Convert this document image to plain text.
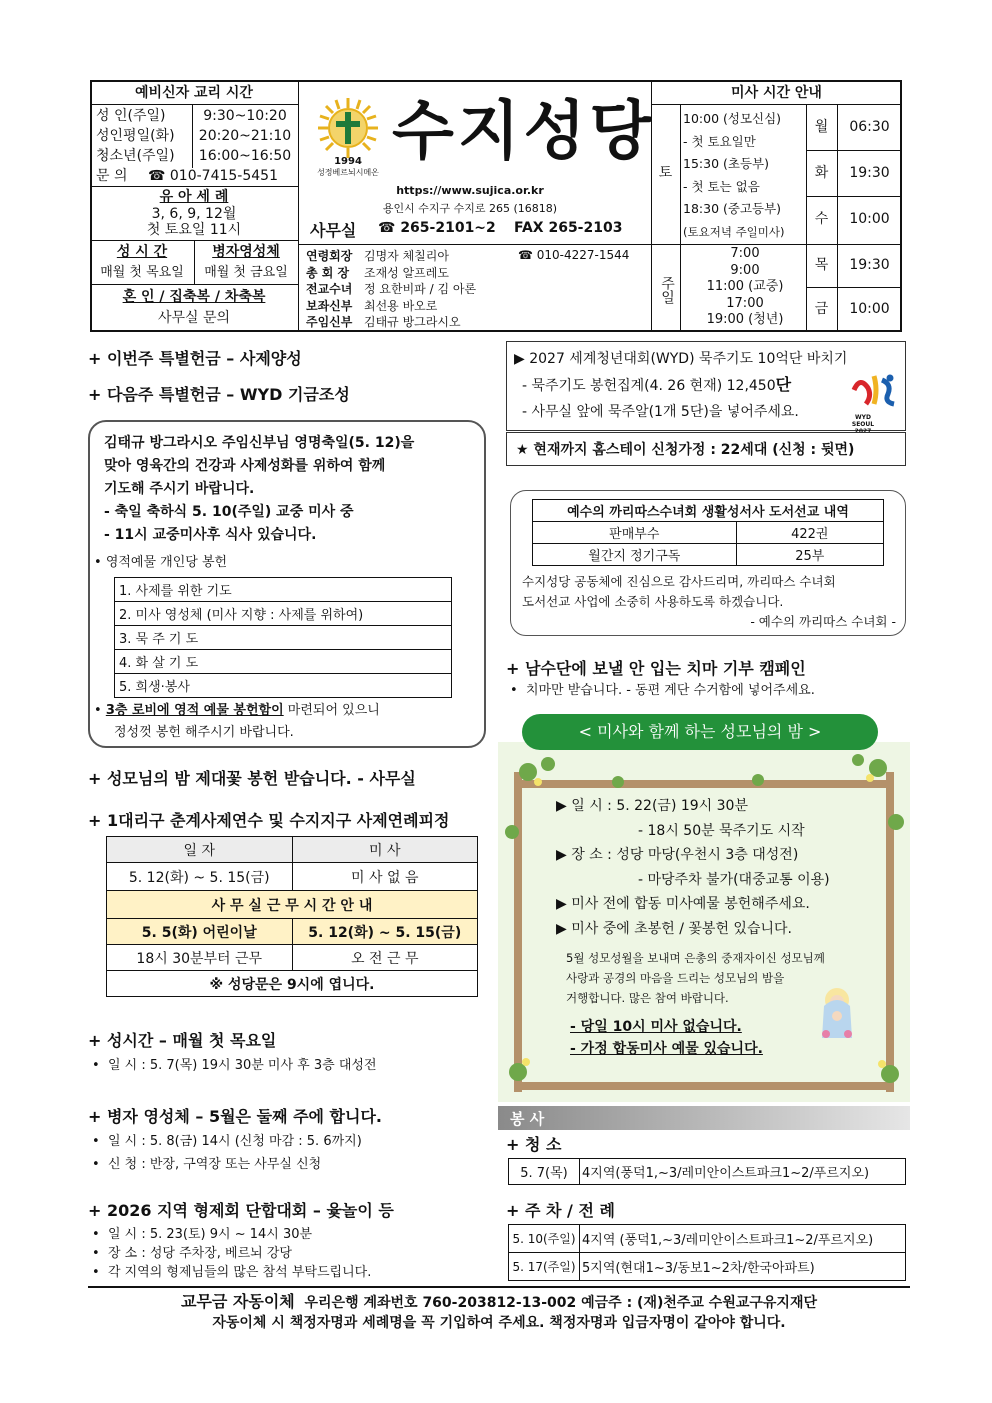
예비신자 교리 시간
성 인(주일)	9:30~10:20
성인평일(화)	20:20~21:10
청소년(주일)	16:00~16:50
문 의	☎ 010-7415-5451
유 아 세 례
3, 6, 9, 12월
첫 토요일 11시
성 시 간
매월 첫 목요일
병자영성체
매월 첫 금요일
혼 인 / 집축복 / 차축복
사무실 문의
1994
성정베르뇌시메온
수지성당
https://www.sujica.or.kr
용인시 수지구 수지로 265 (16818)
사무실 ☎ 265-2101~2 FAX 265-2103
연령회장 김명자 체칠리아
총 회 장 조재성 알프레도
전교수녀 정 요한비파 / 김 아론
보좌신부 최선용 바오로
주임신부 김태규 방그라시오
☎ 010-4227-1544
미사 시간 안내
토
10:00 (성모신심)
- 첫 토요일만
15:30 (초등부)
- 첫 토는 없음
18:30 (중고등부)
(토요저녁 주일미사)
주일
7:00
9:00
11:00 (교중)
17:00
19:00 (청년)
월	06:30
화	19:30
수	10:00
목	19:30
금	10:00
+ 이번주 특별헌금 – 사제양성
+ 다음주 특별헌금 – WYD 기금조성
김태규 방그라시오 주임신부님 영명축일(5. 12)을
맞아 영육간의 건강과 사제성화를 위하여 함께
기도해 주시기 바랍니다.
- 축일 축하식 5. 10(주일) 교중 미사 중
- 11시 교중미사후 식사 있습니다.
• 영적예물 개인당 봉헌
1. 사제를 위한 기도
2. 미사 영성체 (미사 지향 : 사제를 위하여)
3. 묵 주 기 도
4. 화 살 기 도
5. 희생·봉사
• 3층 로비에 영적 예물 봉헌함이 마련되어 있으니
정성껏 봉헌 해주시기 바랍니다.
+ 성모님의 밤 제대꽃 봉헌 받습니다. - 사무실
+ 1대리구 춘계사제연수 및 수지지구 사제연례피정
일 자	미 사
5. 12(화) ~ 5. 15(금)	미 사 없 음
사 무 실 근 무 시 간 안 내	
5. 5(화) 어린이날	5. 12(화) ~ 5. 15(금)
18시 30분부터 근무	오 전 근 무
※ 성당문은 9시에 엽니다.	
+ 성시간 – 매월 첫 목요일
•  일 시 : 5. 7(목) 19시 30분 미사 후 3층 대성전
+ 병자 영성체 – 5월은 둘째 주에 합니다.
•  일 시 : 5. 8(금) 14시 (신청 마감 : 5. 6까지)
•  신 청 : 반장, 구역장 또는 사무실 신청
+ 2026 지역 형제회 단합대회 – 윷놀이 등
•  일 시 : 5. 23(토) 9시 ~ 14시 30분
•  장 소 : 성당 주차장, 베르뇌 강당
•  각 지역의 형제님들의 많은 참석 부탁드립니다.
▶ 2027 세계청년대회(WYD) 묵주기도 10억단 바치기
- 묵주기도 봉헌집계(4. 26 현재) 12,450단
- 사무실 앞에 묵주알(1개 5단)을 넣어주세요.	WYD SEOUL 2027
★ 현재까지 홈스테이 신청가정 : 22세대 (신청 : 뒷면)
예수의 까리따스수녀회 생활성서사 도서선교 내역	
판매부수	422권
월간지 정기구독	25부
수지성당 공동체에 진심으로 감사드리며, 까리따스 수녀회
도서선교 사업에 소중히 사용하도록 하겠습니다.
- 예수의 까리따스 수녀회 -
+ 남수단에 보낼 안 입는 치마 기부 캠페인
•  치마만 받습니다. - 동편 계단 수거함에 넣어주세요.
< 미사와 함께 하는 성모님의 밤 >
▶ 일 시 : 5. 22(금) 19시 30분
- 18시 50분 묵주기도 시작
▶ 장 소 : 성당 마당(우천시 3층 대성전)
- 마당주차 불가(대중교통 이용)
▶ 미사 전에 합동 미사예물 봉헌해주세요.
▶ 미사 중에 초봉헌 / 꽃봉헌 있습니다.
5월 성모성월을 보내며 은총의 중재자이신 성모님께
사랑과 공경의 마음을 드리는 성모님의 밤을
거행합니다. 많은 참여 바랍니다.
- 당일 10시 미사 없습니다.
- 가정 합동미사 예물 있습니다.
봉 사
+ 청 소
5. 7(목)	4지역(풍덕1,~3/레미안이스트파크1~2/푸르지오)
+ 주 차 / 전 례
5. 10(주일)	4지역 (풍덕1,~3/레미안이스트파크1~2/푸르지오)
5. 17(주일)	5지역(현대1~3/동보1~2차/한국아파트)
교무금 자동이체 우리은행 계좌번호 760-203812-13-002 예금주 : (재)천주교 수원교구유지재단
자동이체 시 책정자명과 세례명을 꼭 기입하여 주세요. 책정자명과 입금자명이 같아야 합니다.
